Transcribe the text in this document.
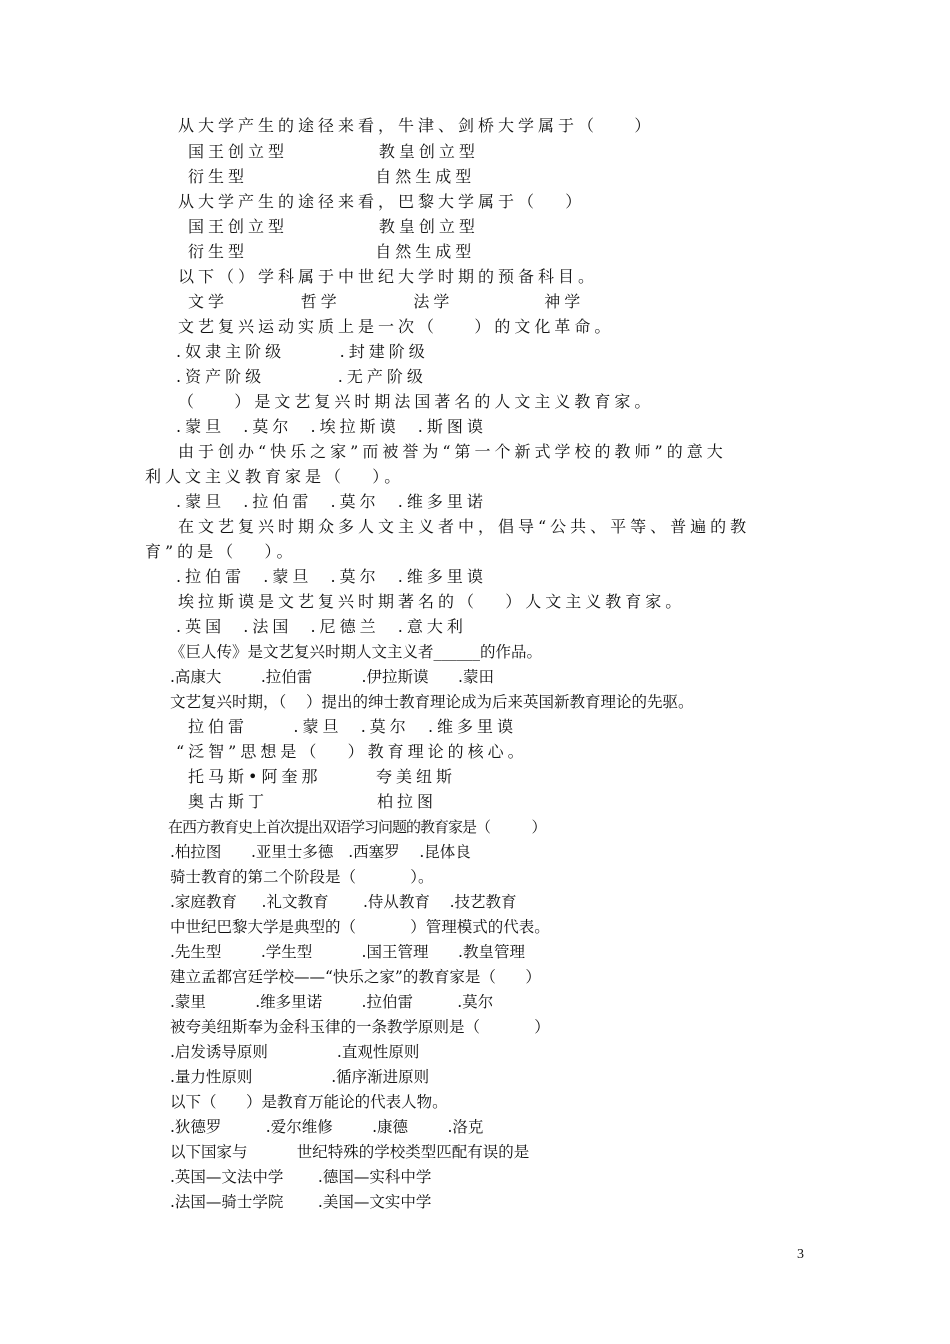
从大学产生的途径来看，牛津、剑桥大学属于（    ）
国王创立型          教皇创立型
衍生型              自然生成型
从大学产生的途径来看，巴黎大学属于（   ）
国王创立型          教皇创立型
衍生型              自然生成型
以下（）学科属于中世纪大学时期的预备科目。
文学        哲学        法学          神学
文艺复兴运动实质上是一次（    ）的文化革命。
.奴隶主阶级      .封建阶级
.资产阶级        .无产阶级
（    ）是文艺复兴时期法国著名的人文主义教育家。
.蒙旦  .莫尔  .埃拉斯谟  .斯图谟
由于创办“快乐之家”而被誉为“第一个新式学校的教师”的意大
利人文主义教育家是（   ）。
.蒙旦  .拉伯雷  .莫尔  .维多里诺
在文艺复兴时期众多人文主义者中，倡导“公共、平等、普遍的教
育”的是（   ）。
.拉伯雷  .蒙旦  .莫尔  .维多里谟
埃拉斯谟是文艺复兴时期著名的（   ）人文主义教育家。
.英国  .法国  .尼德兰  .意大利
《巨人传》是文艺复兴时期人文主义者______的作品。
.高康大        .拉伯雷          .伊拉斯谟      .蒙田
文艺复兴时期，（    ）提出的绅士教育理论成为后来英国新教育理论的先驱。
拉伯雷     .蒙旦  .莫尔  .维多里谟
“泛智”思想是（   ）教育理论的核心。
托马斯•阿奎那      夸美纽斯
奥古斯丁            柏拉图
在西方教育史上首次提出双语学习问题的教育家是（           ）
.柏拉图      .亚里士多德   .西塞罗    .昆体良
骑士教育的第二个阶段是（           ）。
.家庭教育     .礼文教育       .侍从教育    .技艺教育
中世纪巴黎大学是典型的（           ）管理模式的代表。
.先生型        .学生型          .国王管理      .教皇管理
建立孟都宫廷学校——“快乐之家”的教育家是（      ）
.蒙里          .维多里诺        .拉伯雷         .莫尔
被夸美纽斯奉为金科玉律的一条教学原则是（           ）
.启发诱导原则              .直观性原则
.量力性原则                .循序渐进原则
以下（      ）是教育万能论的代表人物。
.狄德罗         .爱尔维修        .康德        .洛克
以下国家与          世纪特殊的学校类型匹配有误的是
.英国—文法中学       .德国—实科中学
.法国—骑士学院       .美国—文实中学
3
